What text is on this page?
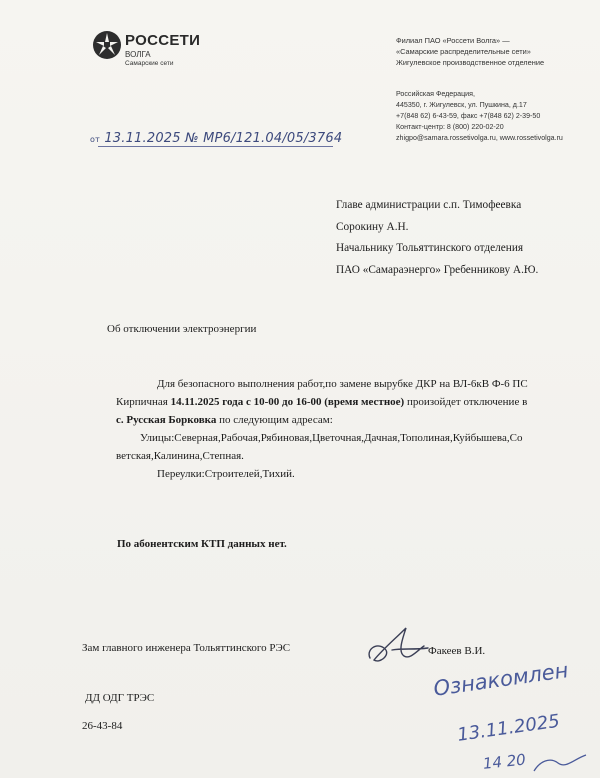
РОССЕТИ
ВОЛГА
Самарские сети
Филиал ПАО «Россети Волга» —
«Самарские распределительные сети»
Жигулевское производственное отделение
Российская Федерация,
445350, г. Жигулевск, ул. Пушкина, д.17
+7(848 62) 6-43-59, факс +7(848 62) 2-39-50
Контакт-центр: 8 (800) 220-02-20
zhigpo@samara.rossetivolga.ru, www.rossetivolga.ru
от 13.11.2025 № МР6/121.04/05/3764
Главе администрации с.п. Тимофеевка
Сорокину А.Н.
Начальнику Тольяттинского отделения
ПАО «Самараэнерго» Гребенникову А.Ю.
Об отключении электроэнергии
Для безопасного выполнения работ,по замене вырубке ДКР на ВЛ-6кВ Ф-6 ПС
Кирпичная 14.11.2025 года с 10-00 до 16-00 (время местное) произойдет отключение в
с. Русская Борковка по следующим адресам:
Улицы:Северная,Рабочая,Рябиновая,Цветочная,Дачная,Тополиная,Куйбышева,Со
ветская,Калинина,Степная.
Переулки:Строителей,Тихий.
По абонентским КТП данных нет.
Зам главного инженера Тольяттинского РЭС	Факеев В.И.
ДД ОДГ ТРЭС
26-43-84
Ознакомлен
13.11.2025
14 20
